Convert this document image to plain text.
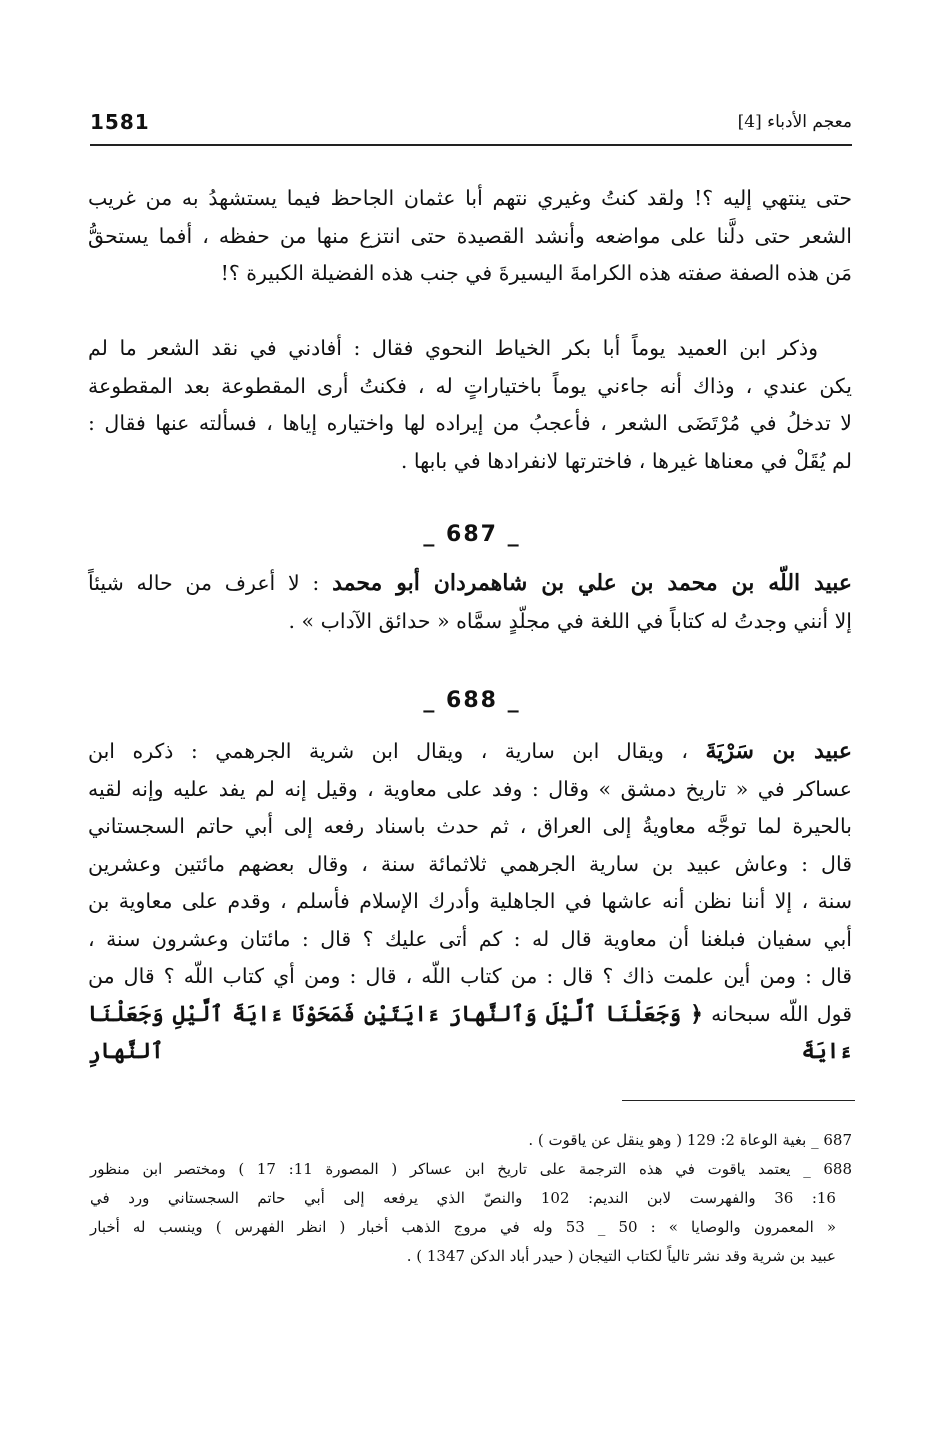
1581	معجم الأدباء [4]

حتى ينتهي إليه ؟! ولقد كنتُ وغيري نتهم أبا عثمان الجاحظ فيما يستشهدُ به من غريب
الشعر حتى دلَّنا على مواضعه وأنشد القصيدة حتى انتزع منها من حفظه ، أفما يستحقُّ
مَن هذه الصفة صفته هذه الكرامةَ اليسيرةَ في جنب هذه الفضيلة الكبيرة ؟!

وذكر ابن العميد يوماً أبا بكر الخياط النحوي فقال : أفادني في نقد الشعر ما لم
يكن عندي ، وذاك أنه جاءني يوماً باختياراتٍ له ، فكنتُ أرى المقطوعة بعد المقطوعة
لا تدخلُ في مُرْتَضَى الشعر ، فأعجبُ من إيراده لها واختياره إياها ، فسألته عنها فقال :
لم يُقَلْ في معناها غيرها ، فاخترتها لانفرادها في بابها .

_ 687 _

عبيد اللّه بن محمد بن علي بن شاهمردان أبو محمد : لا أعرف من حاله شيئاً
إلا أنني وجدتُ له كتاباً في اللغة في مجلّدٍ سمَّاه « حدائق الآداب » .

_ 688 _

عبيد بن سَرْيَةَ ، ويقال ابن سارية ، ويقال ابن شرية الجرهمي : ذكره ابن
عساكر في « تاريخ دمشق » وقال : وفد على معاوية ، وقيل إنه لم يفد عليه وإنه لقيه
بالحيرة لما توجَّه معاويةُ إلى العراق ، ثم حدث باسناد رفعه إلى أبي حاتم السجستاني
قال : وعاش عبيد بن سارية الجرهمي ثلاثمائة سنة ، وقال بعضهم مائتين وعشرين
سنة ، إلا أننا نظن أنه عاشها في الجاهلية وأدرك الإسلام فأسلم ، وقدم على معاوية بن
أبي سفيان فبلغنا أن معاوية قال له : كم أتى عليك ؟ قال : مائتان وعشرون سنة ،
قال : ومن أين علمت ذاك ؟ قال : من كتاب اللّه ، قال : ومن أي كتاب اللّه ؟ قال من
قول اللّه سبحانه ﴿ وَجَعَلْنَا ٱلَّيْلَ وَٱلنَّهارَ ءَايَتَيْنِ فَمَحَوْنَا ءَايَةَ ٱلَّيْلِ وَجَعَلْنَا ءَايَةَ ٱلنَّهارِ

687 _ بغية الوعاة 2: 129 ( وهو ينقل عن ياقوت ) .

688 _ يعتمد ياقوت في هذه الترجمة على تاريخ ابن عساكر ( المصورة 11: 17 ) ومختصر ابن منظور
16: 36 والفهرست لابن النديم: 102 والنصّ الذي يرفعه إلى أبي حاتم السجستاني ورد في
« المعمرون والوصايا » : 50 _ 53 وله في مروج الذهب أخبار ( انظر الفهرس ) وينسب له أخبار
عبيد بن شرية وقد نشر تالياً لكتاب التيجان ( حيدر أباد الدكن 1347 ) .
